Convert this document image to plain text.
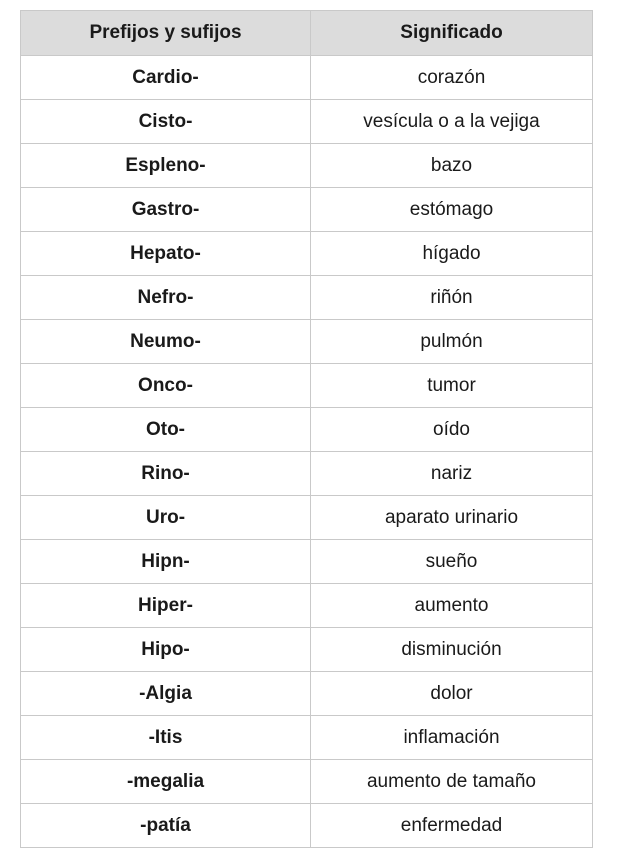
Prefijos y sufijos	Significado
Cardio-	corazón
Cisto-	vesícula o a la vejiga
Espleno-	bazo
Gastro-	estómago
Hepato-	hígado
Nefro-	riñón
Neumo-	pulmón
Onco-	tumor
Oto-	oído
Rino-	nariz
Uro-	aparato urinario
Hipn-	sueño
Hiper-	aumento
Hipo-	disminución
-Algia	dolor
-Itis	inflamación
-megalia	aumento de tamaño
-patía	enfermedad
